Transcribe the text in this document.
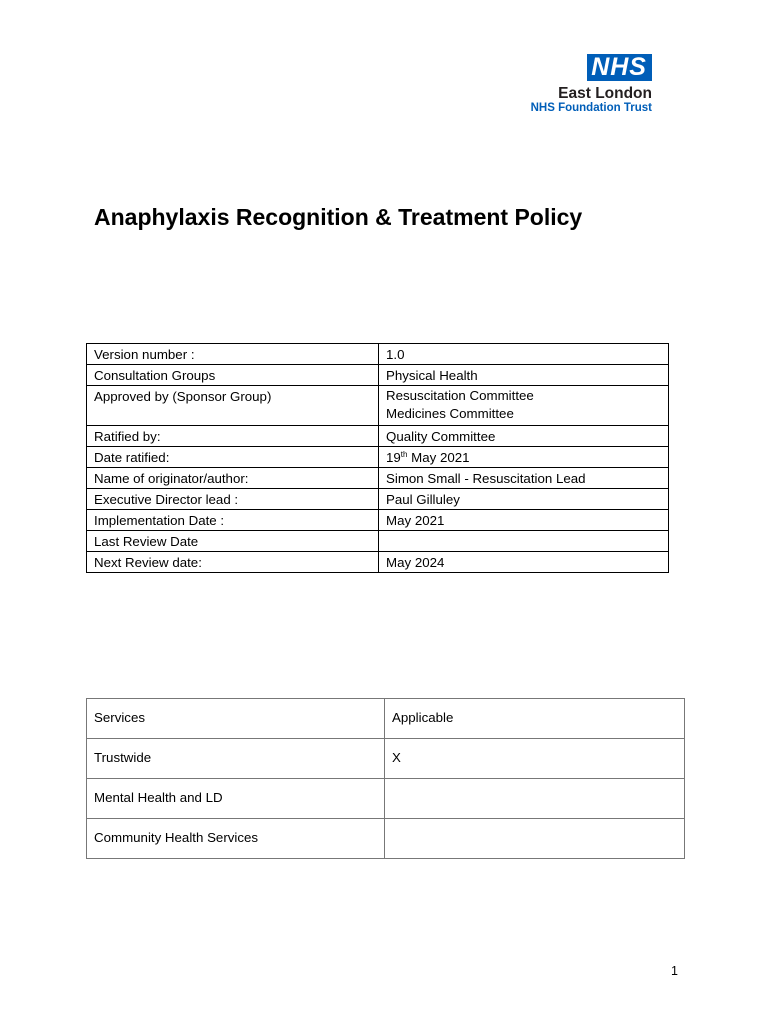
NHS
East London
NHS Foundation Trust
Anaphylaxis Recognition & Treatment Policy
Version number :	1.0
Consultation Groups	Physical Health
Approved by (Sponsor Group)	Resuscitation Committee
Medicines Committee

Ratified by:	Quality Committee
Date ratified:	19th May 2021
Name of originator/author:	Simon Small - Resuscitation Lead
Executive Director lead :	Paul Gilluley
Implementation Date :	May 2021
Last Review Date	
Next Review date:	May 2024
Services	Applicable
Trustwide	X
Mental Health and LD	
Community Health Services	
1
